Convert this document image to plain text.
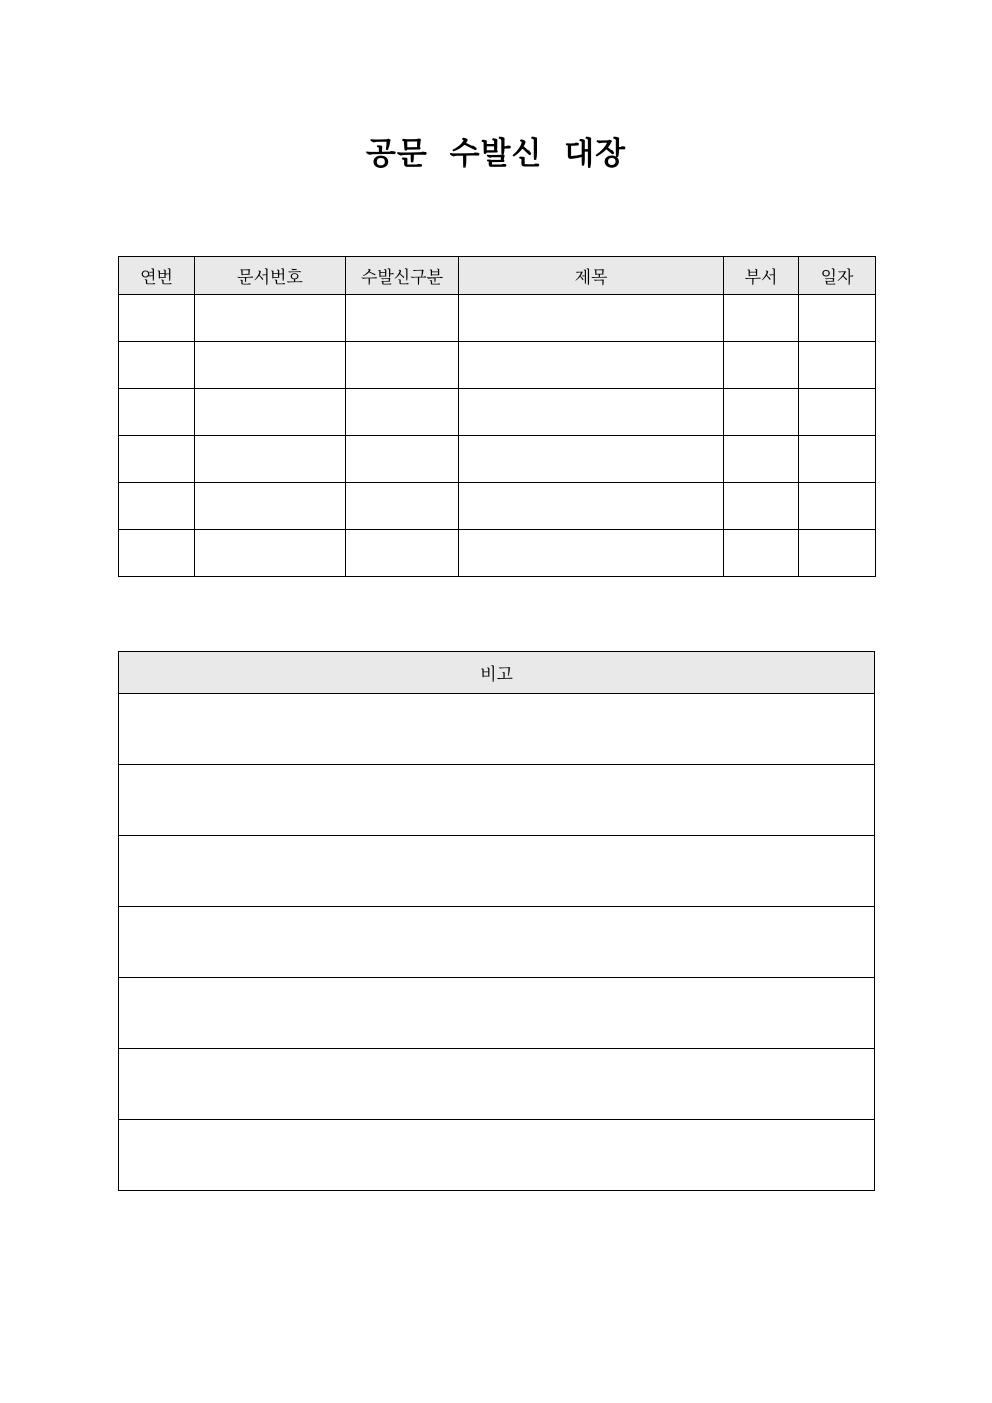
공문 수발신 대장
연번	문서번호	수발신구분	제목	부서	일자

비고
